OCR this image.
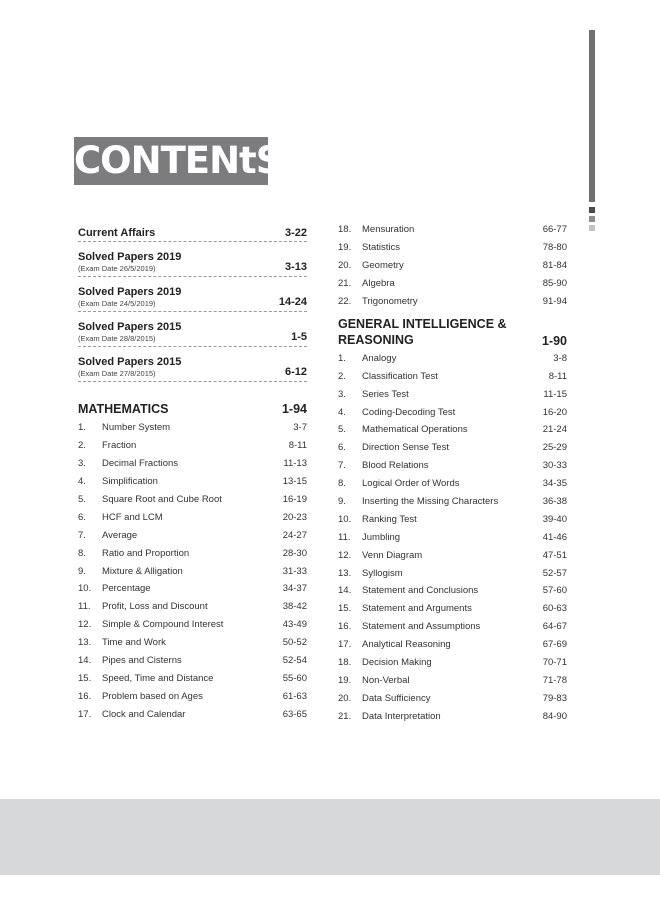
CONTENtS
Current Affairs	3-22
Solved Papers 2019
(Exam Date 26/5/2019)	3-13
Solved Papers 2019
(Exam Date 24/5/2019)	14-24
Solved Papers 2015
(Exam Date 28/8/2015)	1-5
Solved Papers 2015
(Exam Date 27/8/2015)	6-12
MATHEMATICS	1-94
1.	Number System	3-7
2.	Fraction	8-11
3.	Decimal Fractions	11-13
4.	Simplification	13-15
5.	Square Root and Cube Root	16-19
6.	HCF and LCM	20-23
7.	Average	24-27
8.	Ratio and Proportion	28-30
9.	Mixture & Alligation	31-33
10.	Percentage	34-37
11.	Profit, Loss and Discount	38-42
12.	Simple & Compound Interest	43-49
13.	Time and Work	50-52
14.	Pipes and Cisterns	52-54
15.	Speed, Time and Distance	55-60
16.	Problem based on Ages	61-63
17.	Clock and Calendar	63-65
18.	Mensuration	66-77
19.	Statistics	78-80
20.	Geometry	81-84
21.	Algebra	85-90
22.	Trigonometry	91-94
GENERAL INTELLIGENCE &
REASONING	1-90
1.	Analogy	3-8
2.	Classification Test	8-11
3.	Series Test	11-15
4.	Coding-Decoding Test	16-20
5.	Mathematical Operations	21-24
6.	Direction Sense Test	25-29
7.	Blood Relations	30-33
8.	Logical Order of Words	34-35
9.	Inserting the Missing Characters	36-38
10.	Ranking Test	39-40
11.	Jumbling	41-46
12.	Venn Diagram	47-51
13.	Syllogism	52-57
14.	Statement and Conclusions	57-60
15.	Statement and Arguments	60-63
16.	Statement and Assumptions	64-67
17.	Analytical Reasoning	67-69
18.	Decision Making	70-71
19.	Non-Verbal	71-78
20.	Data Sufficiency	79-83
21.	Data Interpretation	84-90
